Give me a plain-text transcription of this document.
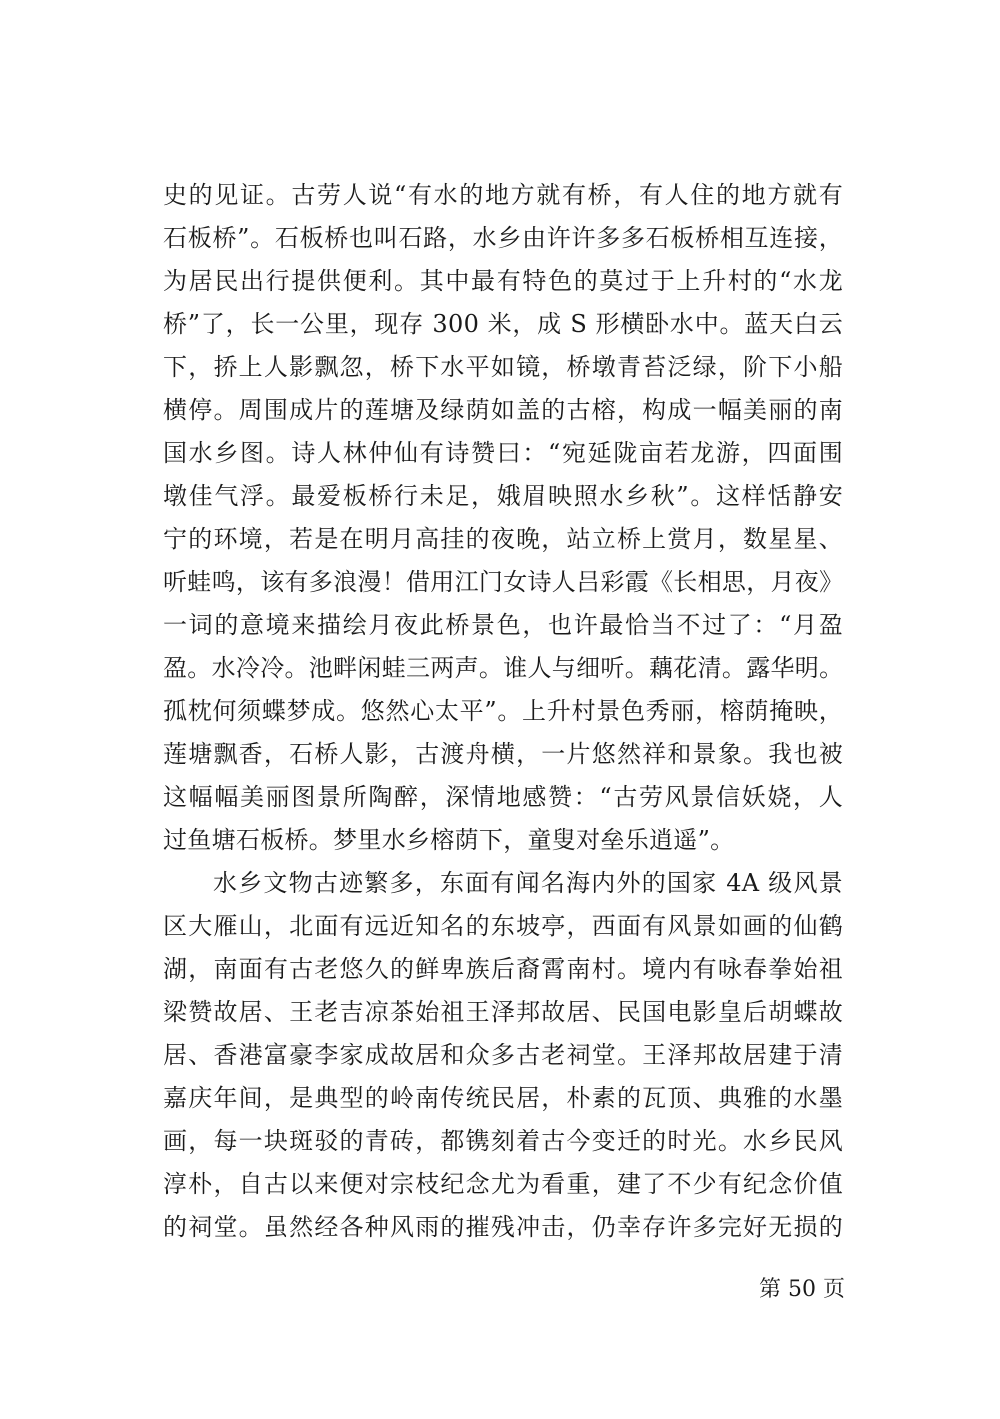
史的见证。古劳人说“有水的地方就有桥，有人住的地方就有
石板桥”。石板桥也叫石路，水乡由许许多多石板桥相互连接，
为居民出行提供便利。其中最有特色的莫过于上升村的“水龙
桥”了，长一公里，现存 300 米，成 S 形横卧水中。蓝天白云
下，挢上人影飘忽，桥下水平如镜，桥墩青苔泛绿，阶下小船
横停。周围成片的莲塘及绿荫如盖的古榕，构成一幅美丽的南
国水乡图。诗人林仲仙有诗赞曰：“宛延陇亩若龙游，四面围
墩佳气浮。最爱板桥行未足，娥眉映照水乡秋”。这样恬静安
宁的环境，若是在明月高挂的夜晚，站立桥上赏月，数星星、
听蛙鸣，该有多浪漫！借用江门女诗人吕彩霞《长相思，月夜》
一词的意境来描绘月夜此桥景色，也许最恰当不过了：“月盈
盈。水冷冷。池畔闲蛙三两声。谁人与细听。藕花清。露华明。
孤枕何须蝶梦成。悠然心太平”。上升村景色秀丽，榕荫掩映，
莲塘飘香，石桥人影，古渡舟横，一片悠然祥和景象。我也被
这幅幅美丽图景所陶醉，深情地感赞：“古劳风景信妖娆，人
过鱼塘石板桥。梦里水乡榕荫下，童叟对垒乐逍遥”。
水乡文物古迹繁多，东面有闻名海内外的国家 4A 级风景
区大雁山，北面有远近知名的东坡亭，西面有风景如画的仙鹤
湖，南面有古老悠久的鲜卑族后裔霄南村。境内有咏春拳始祖
梁赞故居、王老吉凉茶始祖王泽邦故居、民国电影皇后胡蝶故
居、香港富豪李家成故居和众多古老祠堂。王泽邦故居建于清
嘉庆年间，是典型的岭南传统民居，朴素的瓦顶、典雅的水墨
画，每一块斑驳的青砖，都镌刻着古今变迁的时光。水乡民风
淳朴，自古以来便对宗枝纪念尤为看重，建了不少有纪念价值
的祠堂。虽然经各种风雨的摧残冲击，仍幸存许多完好无损的
第 50 页
